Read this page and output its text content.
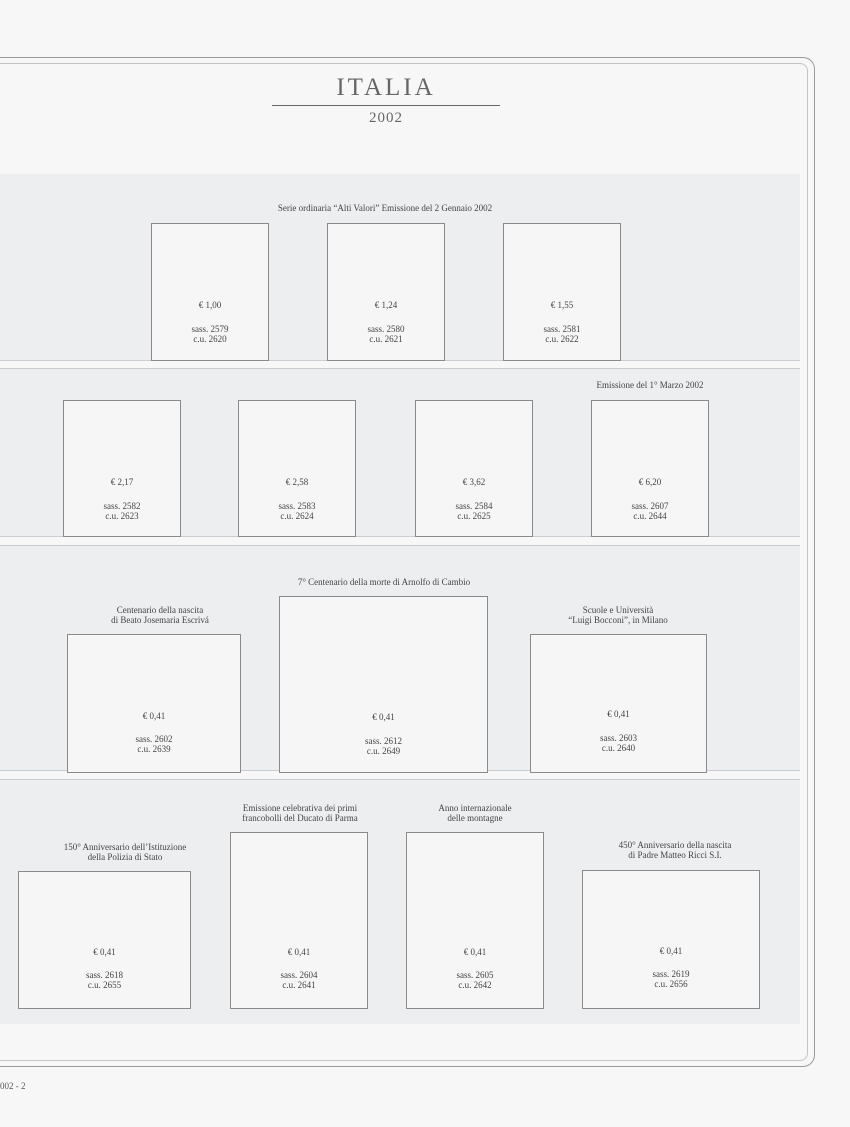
ITALIA
2002
Serie ordinaria “Alti Valori” Emissione del 2 Gennaio 2002
Emissione del 1° Marzo 2002
7° Centenario della morte di Arnolfo di Cambio
Centenario della nascita
di Beato Josemaria Escrivá
Scuole e Università
“Luigi Bocconi”, in Milano
150° Anniversario dell’Istituzione
della Polizia di Stato
Emissione celebrativa dei primi
francobolli del Ducato di Parma
Anno internazionale
delle montagne
450° Anniversario della nascita
di Padre Matteo Ricci S.I.
€ 1,00
sass. 2579
c.u. 2620
€ 1,24
sass. 2580
c.u. 2621
€ 1,55
sass. 2581
c.u. 2622
€ 2,17
sass. 2582
c.u. 2623
€ 2,58
sass. 2583
c.u. 2624
€ 3,62
sass. 2584
c.u. 2625
€ 6,20
sass. 2607
c.u. 2644
€ 0,41
sass. 2602
c.u. 2639
€ 0,41
sass. 2612
c.u. 2649
€ 0,41
sass. 2603
c.u. 2640
€ 0,41
sass. 2618
c.u. 2655
€ 0,41
sass. 2604
c.u. 2641
€ 0,41
sass. 2605
c.u. 2642
€ 0,41
sass. 2619
c.u. 2656
002 - 2
